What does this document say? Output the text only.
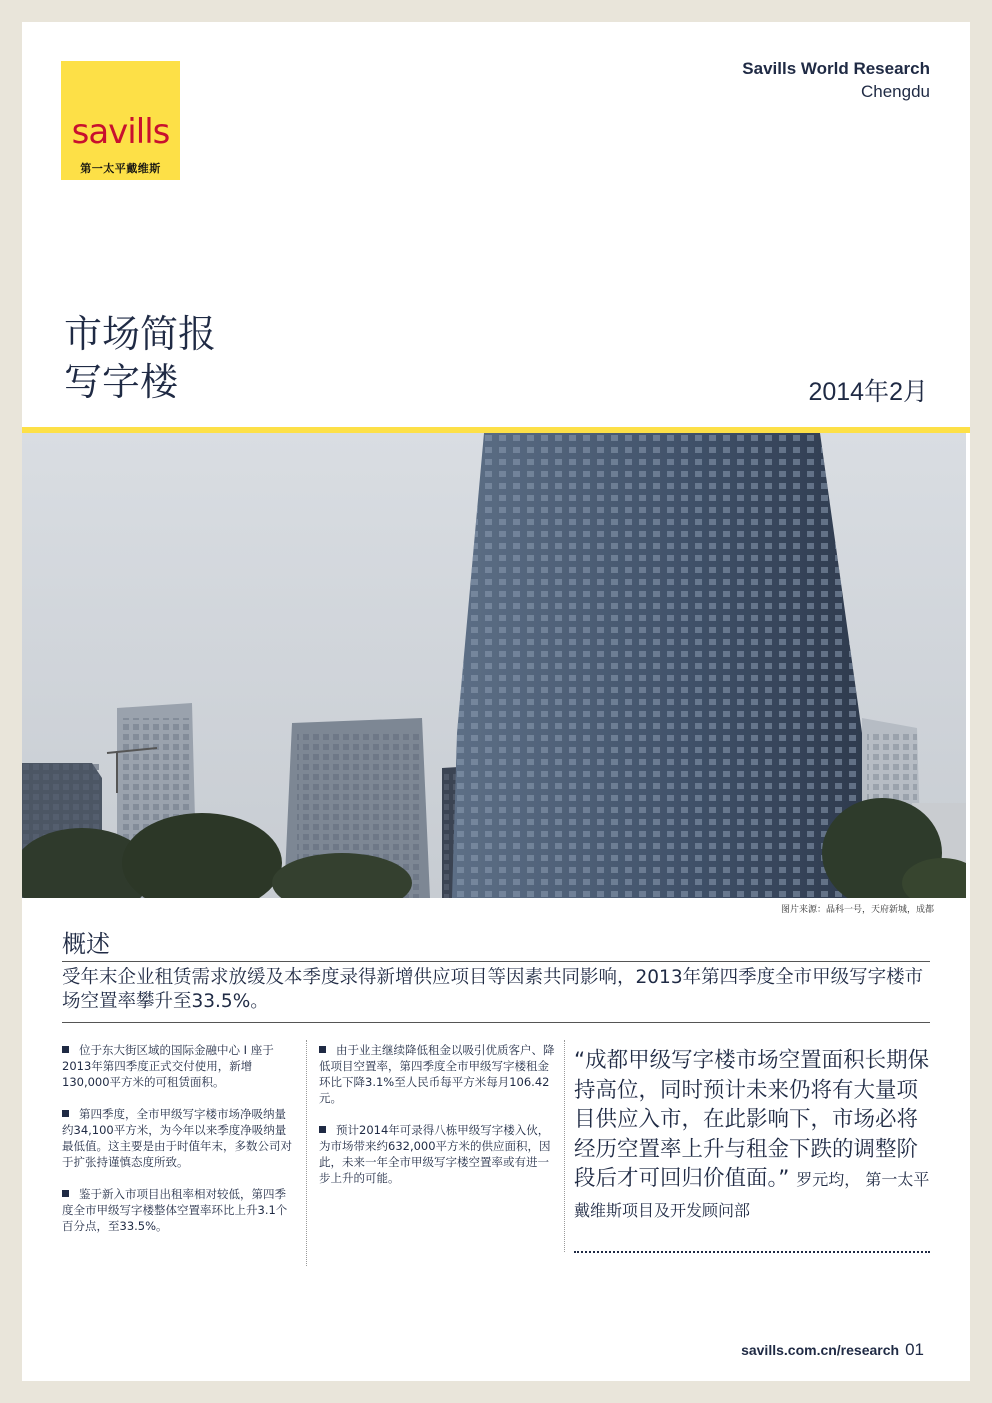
savills
第一太平戴维斯
Savills World Research
Chengdu
市场简报
写字楼	2014年2月
图片来源：晶科一号，天府新城，成都
概述
受年末企业租赁需求放缓及本季度录得新增供应项目等因素共同影响，2013年第四季度全市甲级写字楼市场空置率攀升至33.5%。
位于东大街区域的国际金融中心 I 座于2013年第四季度正式交付使用，新增130,000平方米的可租赁面积。
第四季度，全市甲级写字楼市场净吸纳量约34,100平方米，为今年以来季度净吸纳量最低值。这主要是由于时值年末，多数公司对于扩张持谨慎态度所致。
鉴于新入市项目出租率相对较低，第四季度全市甲级写字楼整体空置率环比上升3.1个百分点，至33.5%。
由于业主继续降低租金以吸引优质客户、降低项目空置率，第四季度全市甲级写字楼租金环比下降3.1%至人民币每平方米每月106.42元。
预计2014年可录得八栋甲级写字楼入伙，为市场带来约632,000平方米的供应面积，因此，未来一年全市甲级写字楼空置率或有进一步上升的可能。
“成都甲级写字楼市场空置面积长期保持高位，同时预计未来仍将有大量项目供应入市，在此影响下，市场必将经历空置率上升与租金下跌的调整阶段后才可回归价值面。” 罗元均， 第一太平戴维斯项目及开发顾问部
savills.com.cn/research 01
